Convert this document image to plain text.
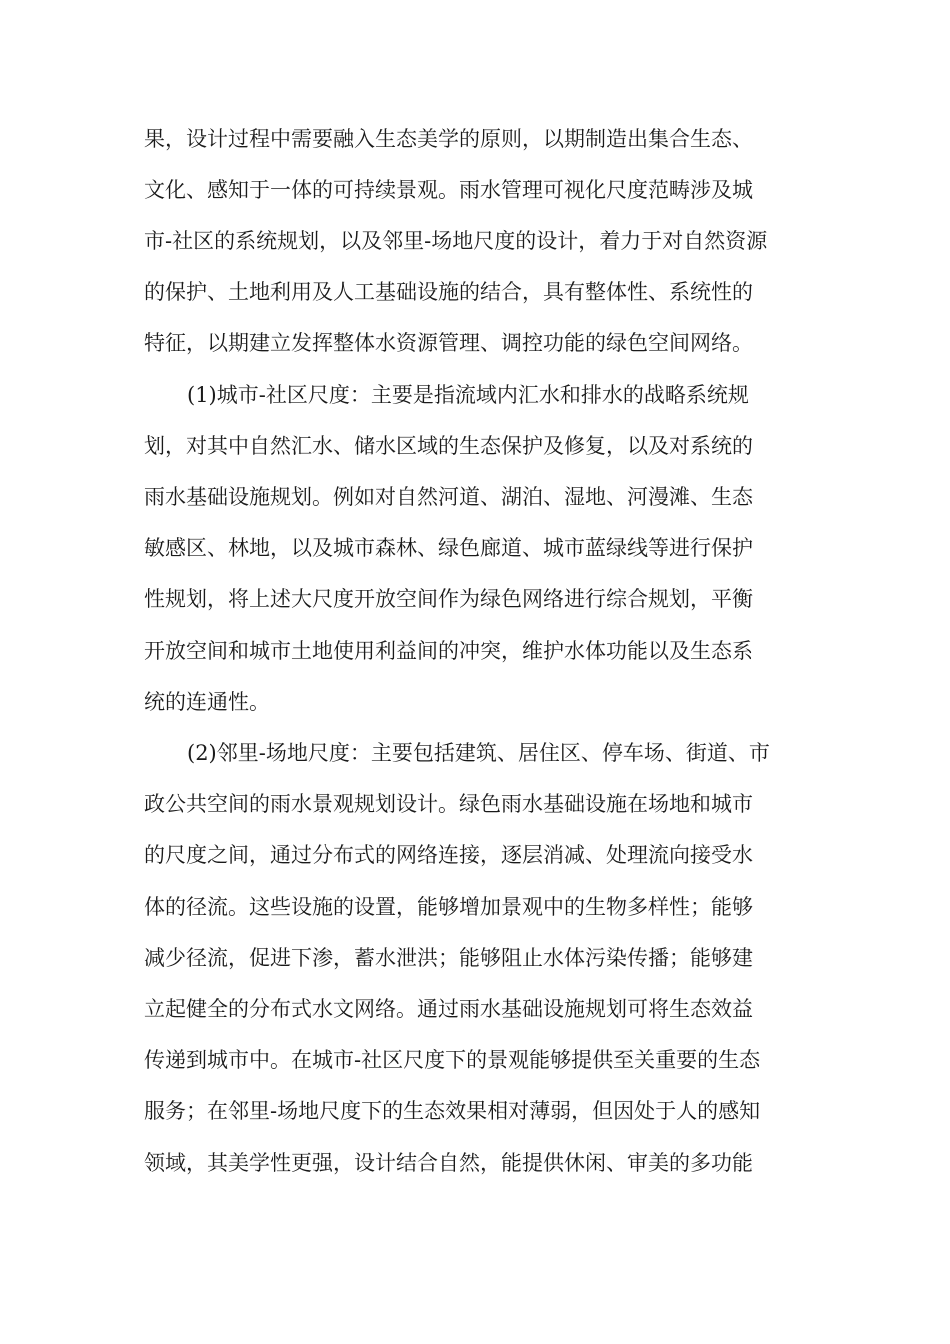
果，设计过程中需要融入生态美学的原则，以期制造出集合生态、
文化、感知于一体的可持续景观。雨水管理可视化尺度范畴涉及城
市-社区的系统规划，以及邻里-场地尺度的设计，着力于对自然资源
的保护、土地利用及人工基础设施的结合，具有整体性、系统性的
特征，以期建立发挥整体水资源管理、调控功能的绿色空间网络。
(1)城市-社区尺度：主要是指流域内汇水和排水的战略系统规
划，对其中自然汇水、储水区域的生态保护及修复，以及对系统的
雨水基础设施规划。例如对自然河道、湖泊、湿地、河漫滩、生态
敏感区、林地，以及城市森林、绿色廊道、城市蓝绿线等进行保护
性规划，将上述大尺度开放空间作为绿色网络进行综合规划，平衡
开放空间和城市土地使用利益间的冲突，维护水体功能以及生态系
统的连通性。
(2)邻里-场地尺度：主要包括建筑、居住区、停车场、街道、市
政公共空间的雨水景观规划设计。绿色雨水基础设施在场地和城市
的尺度之间，通过分布式的网络连接，逐层消减、处理流向接受水
体的径流。这些设施的设置，能够增加景观中的生物多样性；能够
减少径流，促进下渗，蓄水泄洪；能够阻止水体污染传播；能够建
立起健全的分布式水文网络。通过雨水基础设施规划可将生态效益
传递到城市中。在城市-社区尺度下的景观能够提供至关重要的生态
服务；在邻里-场地尺度下的生态效果相对薄弱，但因处于人的感知
领域，其美学性更强，设计结合自然，能提供休闲、审美的多功能
